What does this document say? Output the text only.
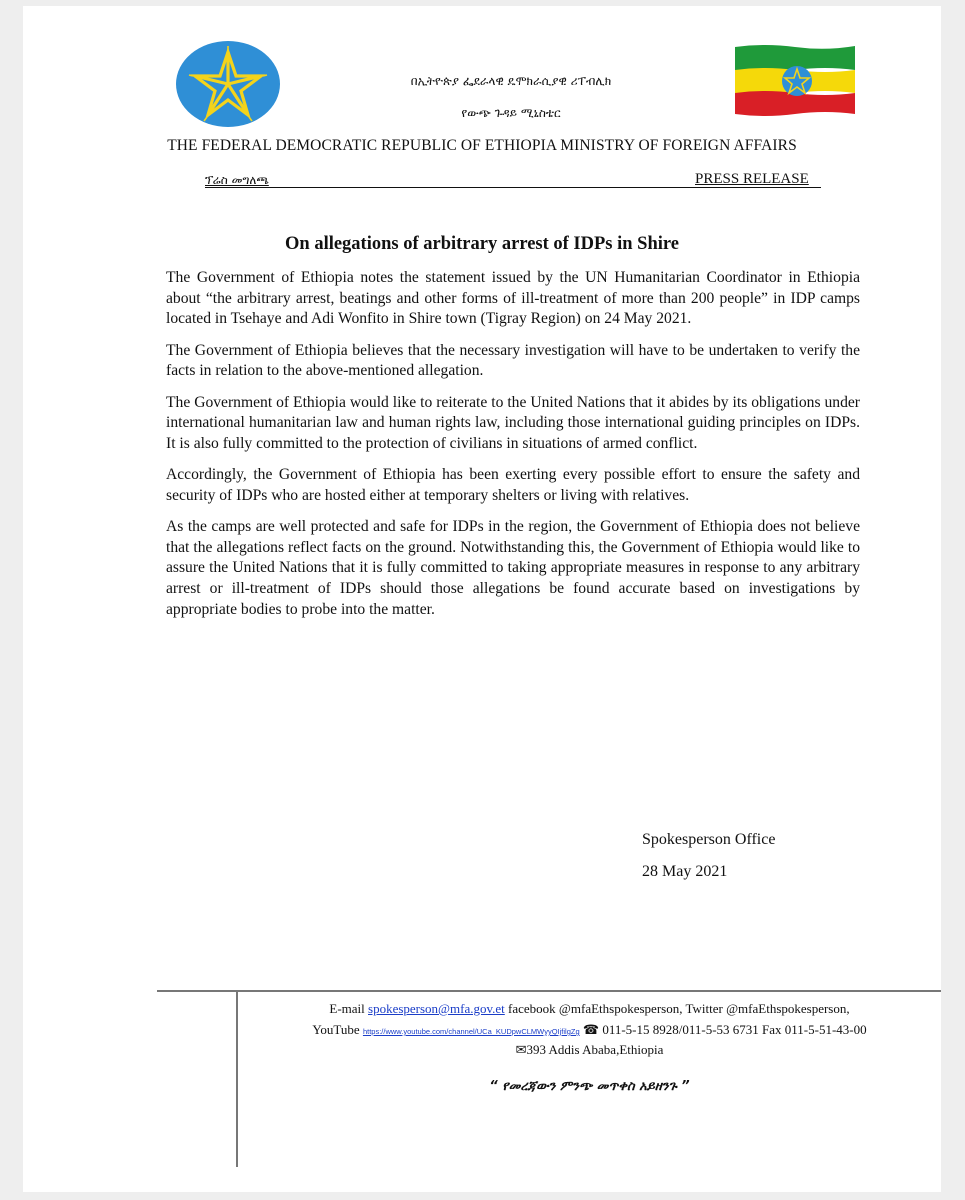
በኢትዮጵያ ፌደራላዊ ዴሞክራሲያዊ ሪፐብሊክ
የውጭ ጉዳይ ሚኒስቴር
THE FEDERAL DEMOCRATIC REPUBLIC OF ETHIOPIA MINISTRY OF FOREIGN AFFAIRS
ፕሬስ መግለጫ	PRESS RELEASE
On allegations of arbitrary arrest of IDPs in Shire

The Government of Ethiopia notes the statement issued by the UN Humanitarian Coordinator in Ethiopia about “the arbitrary arrest, beatings and other forms of ill-treatment of more than 200 people” in IDP camps located in Tsehaye and Adi Wonfito in Shire town (Tigray Region) on 24 May 2021.

The Government of Ethiopia believes that the necessary investigation will have to be undertaken to verify the facts in relation to the above-mentioned allegation.

The Government of Ethiopia would like to reiterate to the United Nations that it abides by its obligations under international humanitarian law and human rights law, including those international guiding principles on IDPs. It is also fully committed to the protection of civilians in situations of armed conflict.

Accordingly, the Government of Ethiopia has been exerting every possible effort to ensure the safety and security of IDPs who are hosted either at temporary shelters or living with relatives.

As the camps are well protected and safe for IDPs in the region, the Government of Ethiopia does not believe that the allegations reflect facts on the ground. Notwithstanding this, the Government of Ethiopia would like to assure the United Nations that it is fully committed to taking appropriate measures in response to any arbitrary arrest or ill-treatment of IDPs should those allegations be found accurate based on investigations by appropriate bodies to probe into the matter.

Spokesperson Office
28 May 2021
E-mail spokesperson@mfa.gov.et facebook @mfaEthspokesperson, Twitter @mfaEthspokesperson,
YouTube https://www.youtube.com/channel/UCa_KUDpwCLMWyyQIjfilgZg ☎ 011-5-15 8928/011-5-53 6731 Fax 011-5-51-43-00
✉393 Addis Ababa,Ethiopia
“ የመረጃውን ምንጭ መጥቀስ አይዘንጉ ”
